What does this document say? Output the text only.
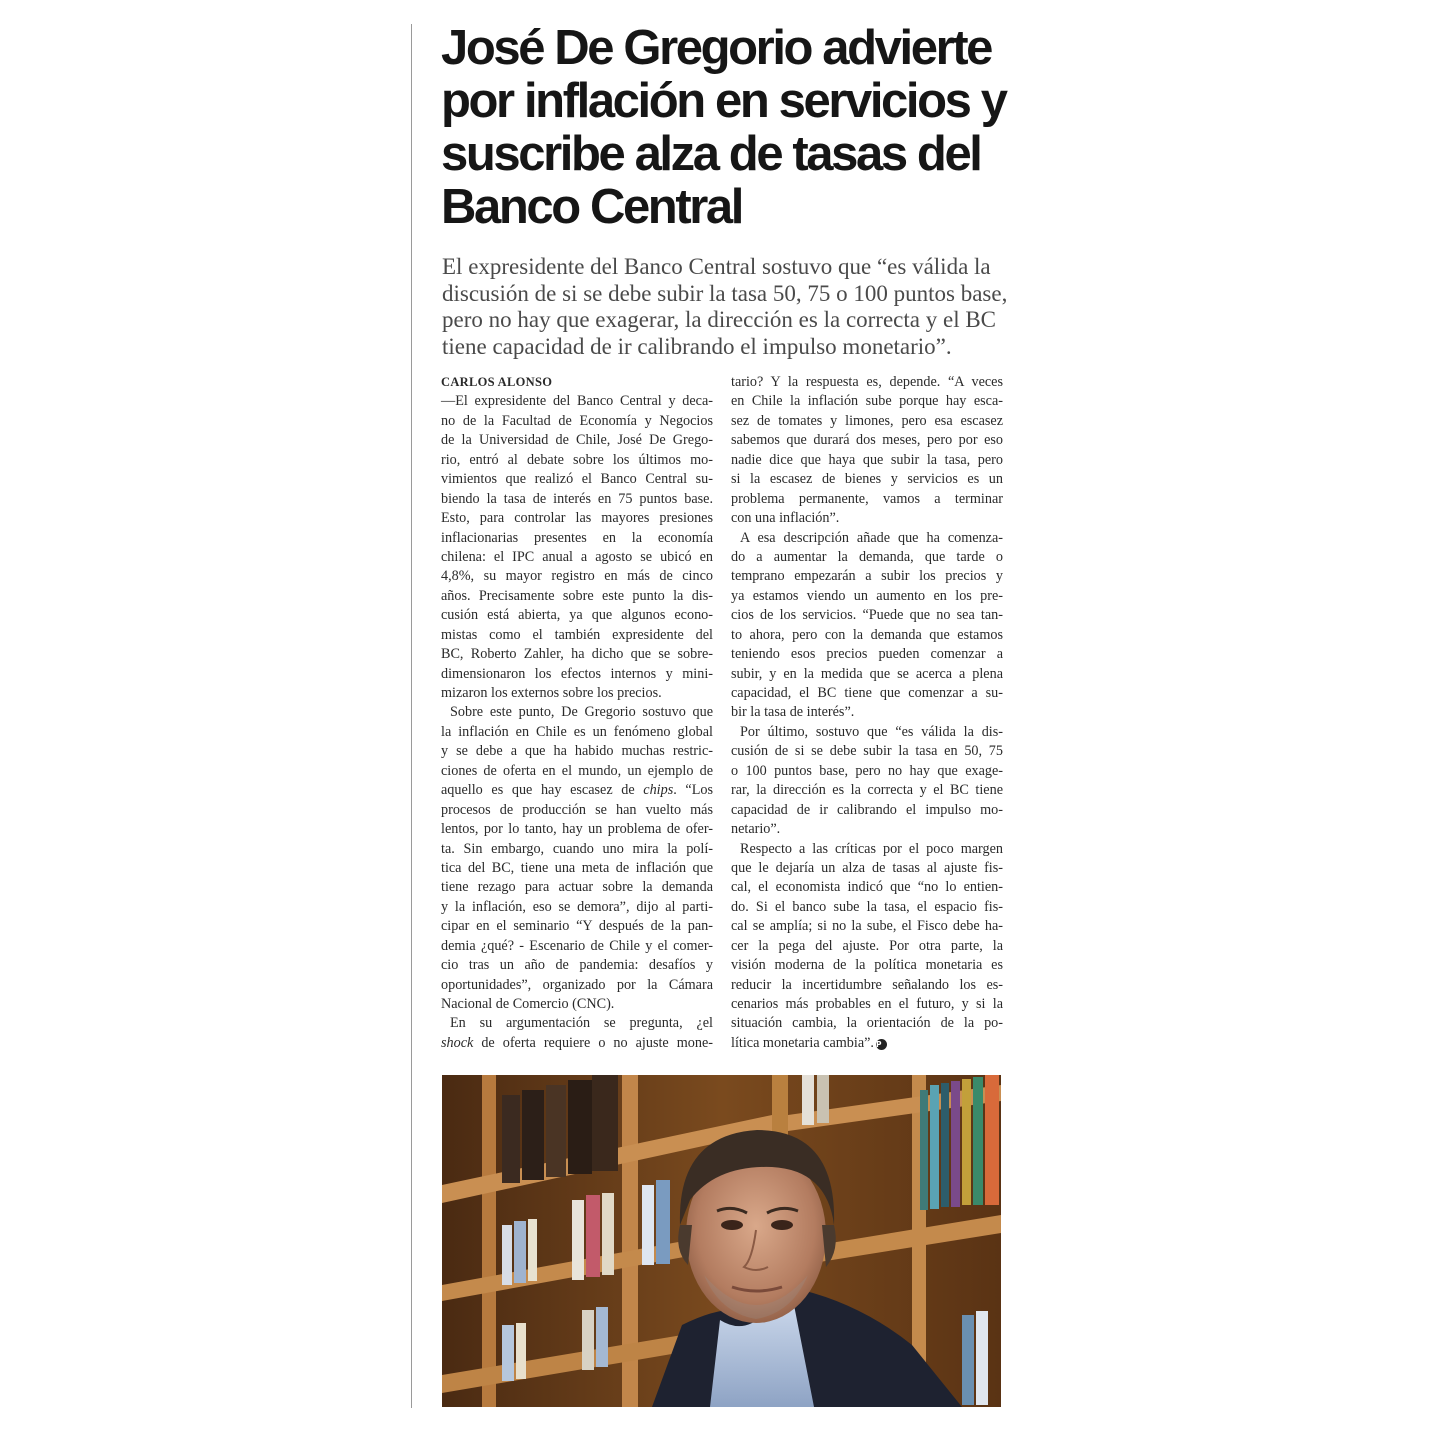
José De Gregorio advierte
por inflación en servicios y
suscribe alza de tasas del
Banco Central
El expresidente del Banco Central sostuvo que “es válida la
discusión de si se debe subir la tasa 50, 75 o 100 puntos base,
pero no hay que exagerar, la dirección es la correcta y el BC
tiene capacidad de ir calibrando el impulso monetario”.
CARLOS ALONSO
—El expresidente del Banco Central y deca-
no de la Facultad de Economía y Negocios
de la Universidad de Chile, José De Grego-
rio, entró al debate sobre los últimos mo-
vimientos que realizó el Banco Central su-
biendo la tasa de interés en 75 puntos base.
Esto, para controlar las mayores presiones
inflacionarias presentes en la economía
chilena: el IPC anual a agosto se ubicó en
4,8%, su mayor registro en más de cinco
años. Precisamente sobre este punto la dis-
cusión está abierta, ya que algunos econo-
mistas como el también expresidente del
BC, Roberto Zahler, ha dicho que se sobre-
dimensionaron los efectos internos y mini-
mizaron los externos sobre los precios.
Sobre este punto, De Gregorio sostuvo que
la inflación en Chile es un fenómeno global
y se debe a que ha habido muchas restric-
ciones de oferta en el mundo, un ejemplo de
aquello es que hay escasez de chips. “Los
procesos de producción se han vuelto más
lentos, por lo tanto, hay un problema de ofer-
ta. Sin embargo, cuando uno mira la polí-
tica del BC, tiene una meta de inflación que
tiene rezago para actuar sobre la demanda
y la inflación, eso se demora”, dijo al parti-
cipar en el seminario “Y después de la pan-
demia ¿qué? - Escenario de Chile y el comer-
cio tras un año de pandemia: desafíos y
oportunidades”, organizado por la Cámara
Nacional de Comercio (CNC).
En su argumentación se pregunta, ¿el
shock de oferta requiere o no ajuste mone-
tario? Y la respuesta es, depende. “A veces
en Chile la inflación sube porque hay esca-
sez de tomates y limones, pero esa escasez
sabemos que durará dos meses, pero por eso
nadie dice que haya que subir la tasa, pero
si la escasez de bienes y servicios es un
problema permanente, vamos a terminar
con una inflación”.
A esa descripción añade que ha comenza-
do a aumentar la demanda, que tarde o
temprano empezarán a subir los precios y
ya estamos viendo un aumento en los pre-
cios de los servicios. “Puede que no sea tan-
to ahora, pero con la demanda que estamos
teniendo esos precios pueden comenzar a
subir, y en la medida que se acerca a plena
capacidad, el BC tiene que comenzar a su-
bir la tasa de interés”.
Por último, sostuvo que “es válida la dis-
cusión de si se debe subir la tasa en 50, 75
o 100 puntos base, pero no hay que exage-
rar, la dirección es la correcta y el BC tiene
capacidad de ir calibrando el impulso mo-
netario”.
Respecto a las críticas por el poco margen
que le dejaría un alza de tasas al ajuste fis-
cal, el economista indicó que “no lo entien-
do. Si el banco sube la tasa, el espacio fis-
cal se amplía; si no la sube, el Fisco debe ha-
cer la pega del ajuste. Por otra parte, la
visión moderna de la política monetaria es
reducir la incertidumbre señalando los es-
cenarios más probables en el futuro, y si la
situación cambia, la orientación de la po-
lítica monetaria cambia”. P
